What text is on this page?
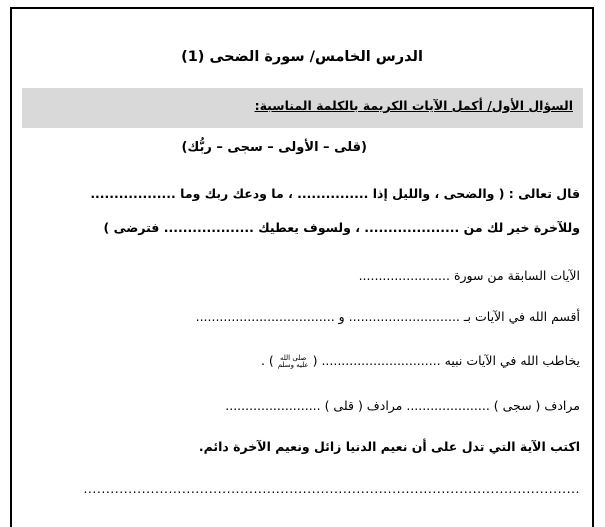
الدرس الخامس/ سورة الضحى (1)
السؤال الأول/ أكمل الآيات الكريمة بالكلمة المناسبة:
(قلى – الأولى – سجى – ربُّك)
قال تعالى : ( والضحى ، والليل إذا ............... ، ما ودعك ربك وما ..................
وللآخرة خير لك من .................... ، ولسوف يعطيك ................... فترضى )
الآيات السابقة من سورة .......................
أقسم الله في الآيات بـ ............................ و ...................................
يخاطب الله في الآيات نبيه .............................. (
صلى الله
عليه وسلم
) .
مرادف ( سجى ) ..................... مرادف ( قلى ) ........................
اكتب الآية التي تدل على أن نعيم الدنيا زائل ونعيم الآخرة دائم.
...............................................................................................................
